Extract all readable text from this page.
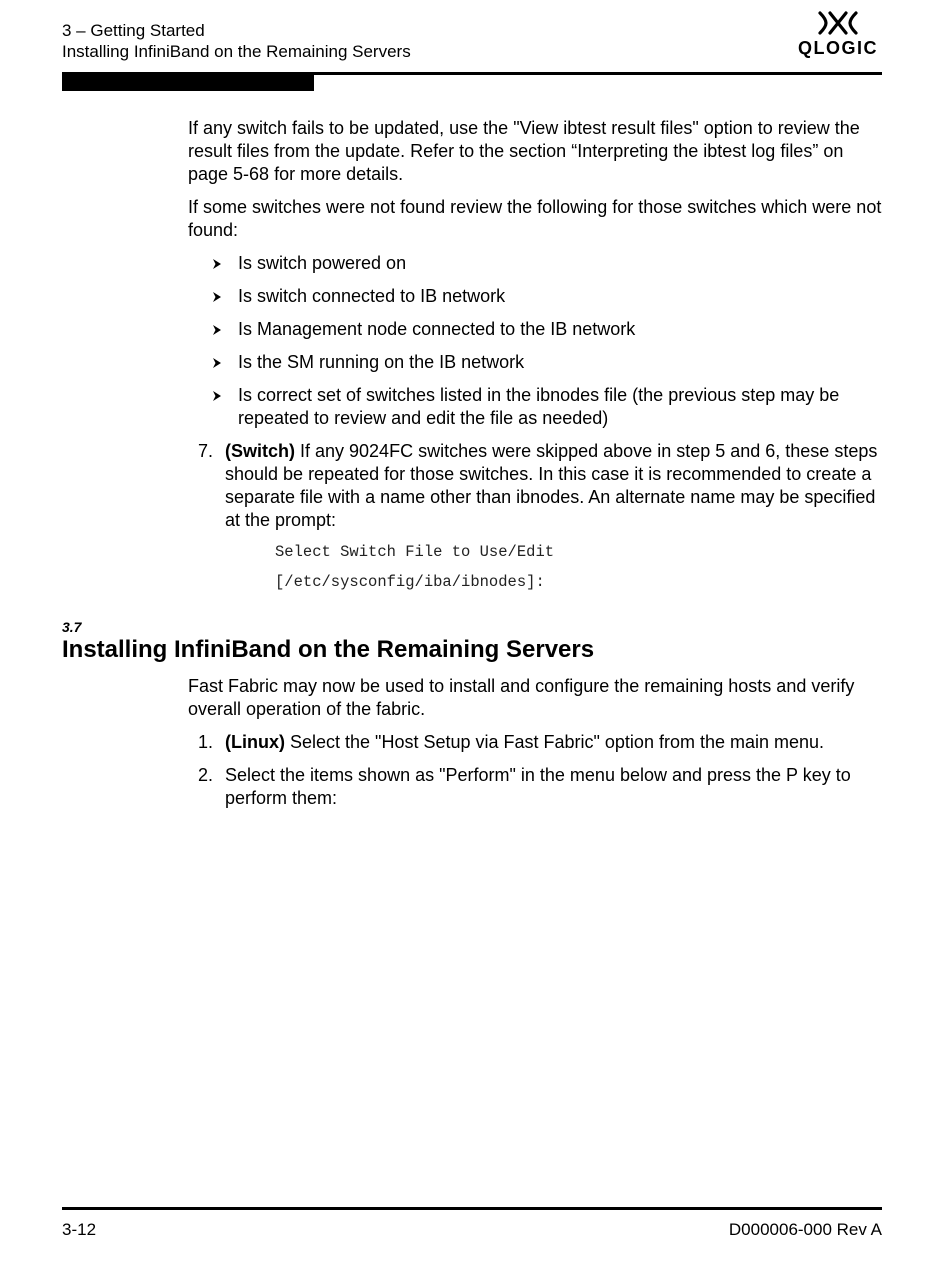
3 – Getting Started
Installing InfiniBand on the Remaining Servers	QLOGIC

If any switch fails to be updated, use the "View ibtest result files" option to review the result files from the update. Refer to the section “Interpreting the ibtest log files” on page 5-68 for more details.

If some switches were not found review the following for those switches which were not found:

Is switch powered on
Is switch connected to IB network
Is Management node connected to the IB network
Is the SM running on the IB network
Is correct set of switches listed in the ibnodes file (the previous step may be repeated to review and edit the file as needed)
7. (Switch) If any 9024FC switches were skipped above in step 5 and 6, these steps should be repeated for those switches. In this case it is recommended to create a separate file with a name other than ibnodes. An alternate name may be specified at the prompt:
Select Switch File to Use/Edit
[/etc/sysconfig/iba/ibnodes]:
3.7
Installing InfiniBand on the Remaining Servers

Fast Fabric may now be used to install and configure the remaining hosts and verify overall operation of the fabric.

1. (Linux) Select the "Host Setup via Fast Fabric" option from the main menu.
2. Select the items shown as "Perform" in the menu below and press the P key to perform them:
3-12	D000006-000 Rev A
